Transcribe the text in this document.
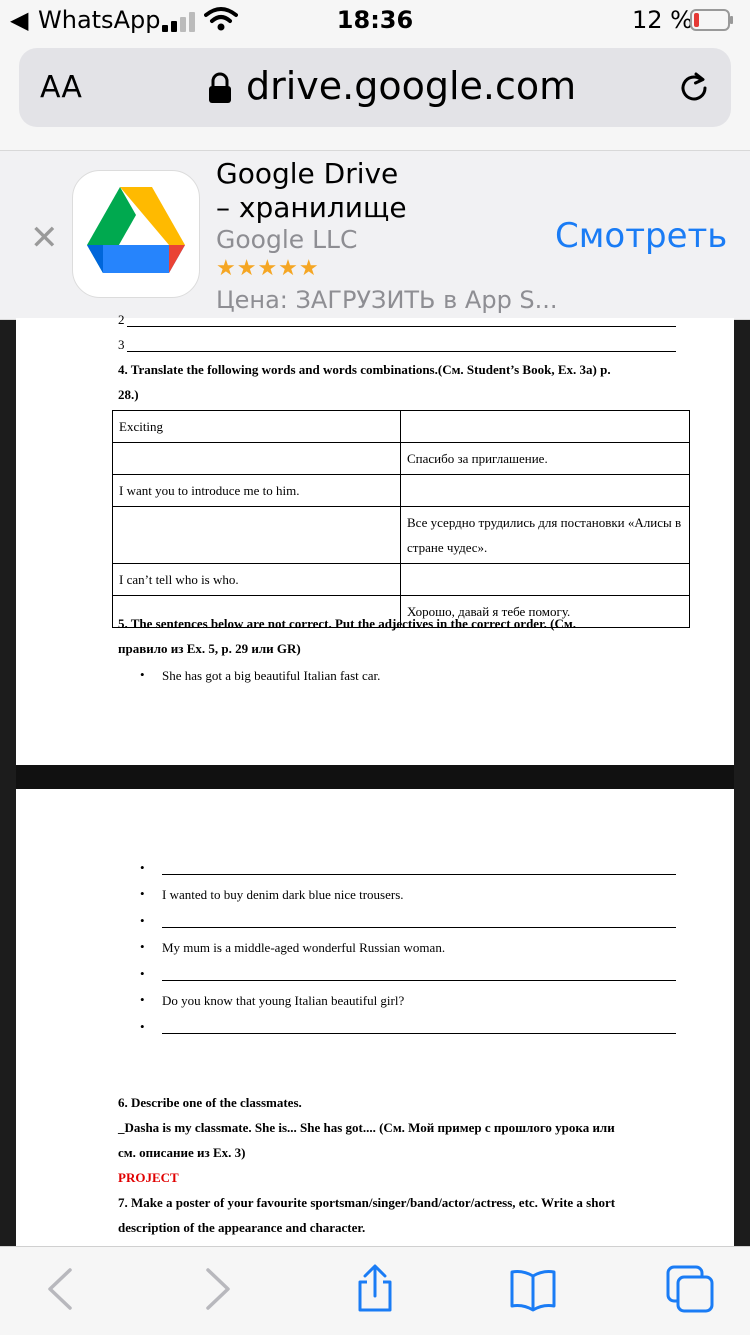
◀ WhatsApp	18:36	12 %
AA	drive.google.com
✕
Google Drive
– хранилище
Google LLC
★★★★★
Цена: ЗАГРУЗИТЬ в App S...
Смотреть
2
3
4. Translate the following words and words combinations.(См. Student’s Book, Ex. 3a) p.
28.)
Exciting	
	Спасибо за приглашение.
I want you to introduce me to him.	
	Все усердно трудились для постановки «Алисы в стране чудес».
I can’t tell who is who.	
	Хорошо, давай я тебе помогу.
5. The sentences below are not correct. Put the adjectives in the correct order. (См.
правило из Ex. 5, p. 29 или GR)
• She has got a big beautiful Italian fast car.
•
• I wanted to buy denim dark blue nice trousers.
•
• My mum is a middle-aged wonderful Russian woman.
•
• Do you know that young Italian beautiful girl?
•
6. Describe one of the classmates.
_Dasha is my classmate. She is... She has got.... (См. Мой пример с прошлого урока или
см. описание из Ex. 3)
PROJECT
7. Make a poster of your favourite sportsman/singer/band/actor/actress, etc. Write a short
description of the appearance and character.
